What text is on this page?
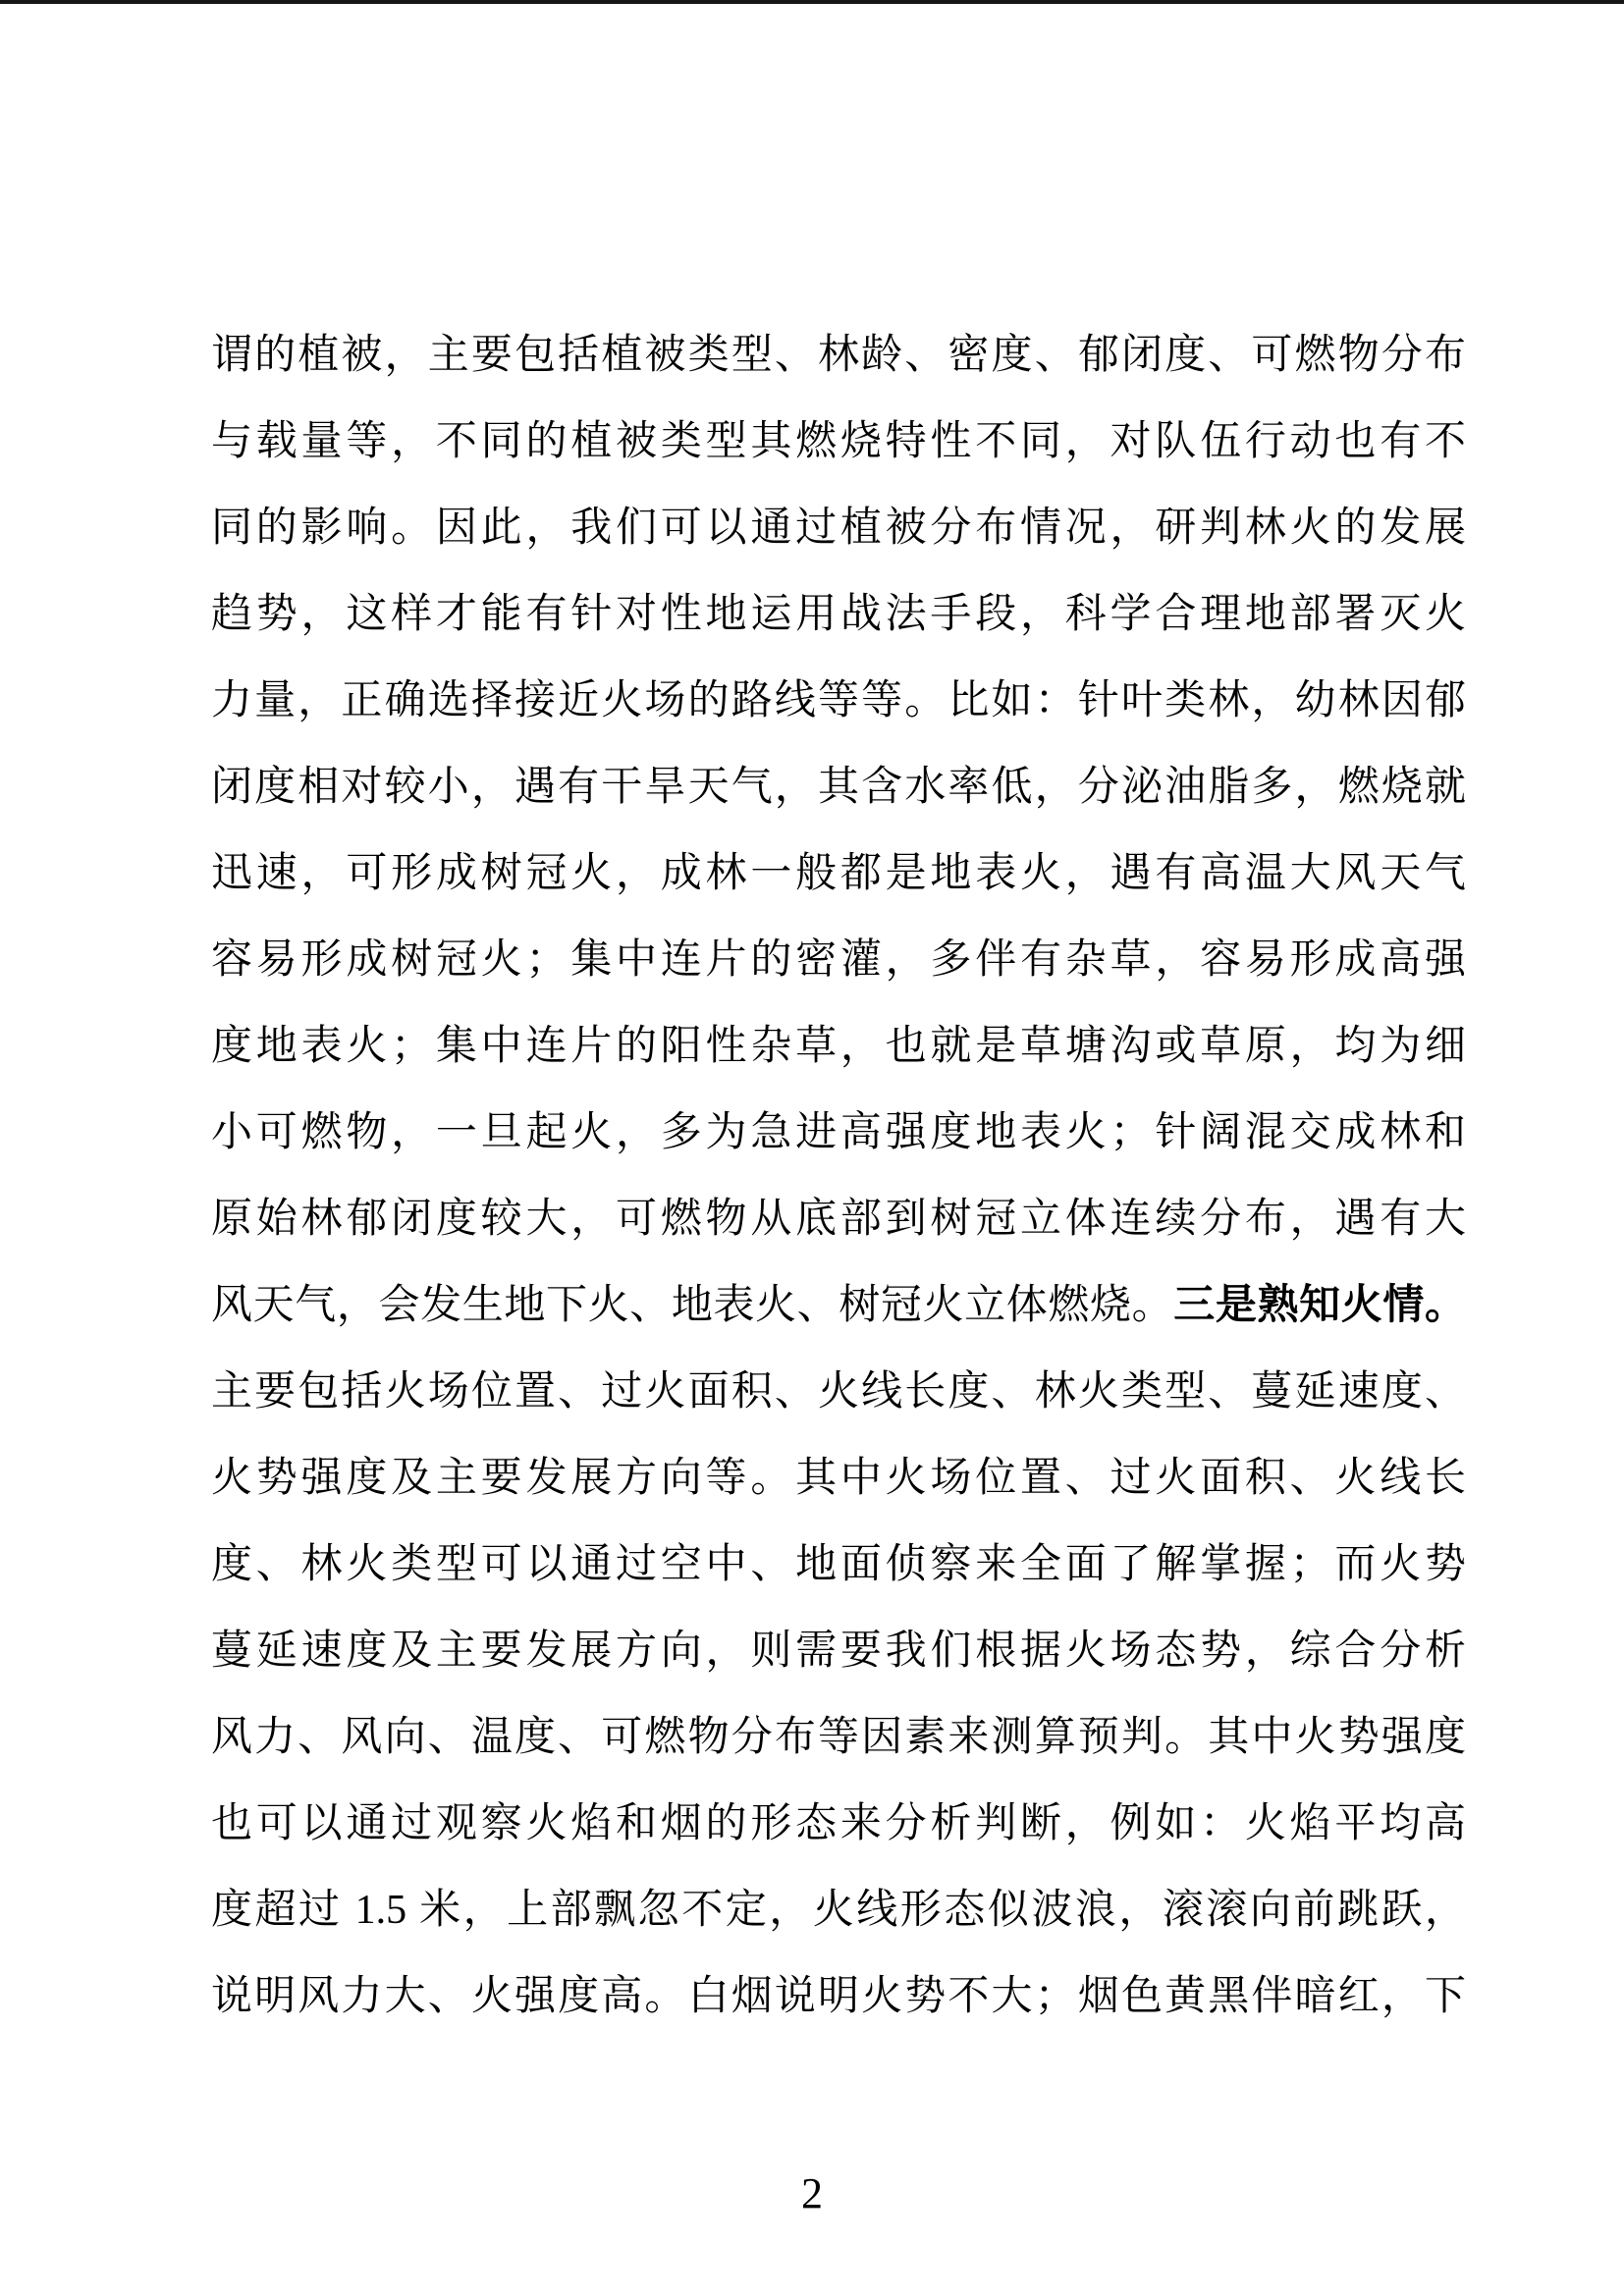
谓的植被，主要包括植被类型、林龄、密度、郁闭度、可燃物分布
与载量等，不同的植被类型其燃烧特性不同，对队伍行动也有不
同的影响。因此，我们可以通过植被分布情况，研判林火的发展
趋势，这样才能有针对性地运用战法手段，科学合理地部署灭火
力量，正确选择接近火场的路线等等。比如：针叶类林，幼林因郁
闭度相对较小，遇有干旱天气，其含水率低，分泌油脂多，燃烧就
迅速，可形成树冠火，成林一般都是地表火，遇有高温大风天气
容易形成树冠火；集中连片的密灌，多伴有杂草，容易形成高强
度地表火；集中连片的阳性杂草，也就是草塘沟或草原，均为细
小可燃物，一旦起火，多为急进高强度地表火；针阔混交成林和
原始林郁闭度较大，可燃物从底部到树冠立体连续分布，遇有大
风天气，会发生地下火、地表火、树冠火立体燃烧。三是熟知火情。
主要包括火场位置、过火面积、火线长度、林火类型、蔓延速度、
火势强度及主要发展方向等。其中火场位置、过火面积、火线长
度、林火类型可以通过空中、地面侦察来全面了解掌握；而火势
蔓延速度及主要发展方向，则需要我们根据火场态势，综合分析
风力、风向、温度、可燃物分布等因素来测算预判。其中火势强度
也可以通过观察火焰和烟的形态来分析判断，例如：火焰平均高
度超过 1.5 米，上部飘忽不定，火线形态似波浪，滚滚向前跳跃，
说明风力大、火强度高。白烟说明火势不大；烟色黄黑伴暗红，下
2
